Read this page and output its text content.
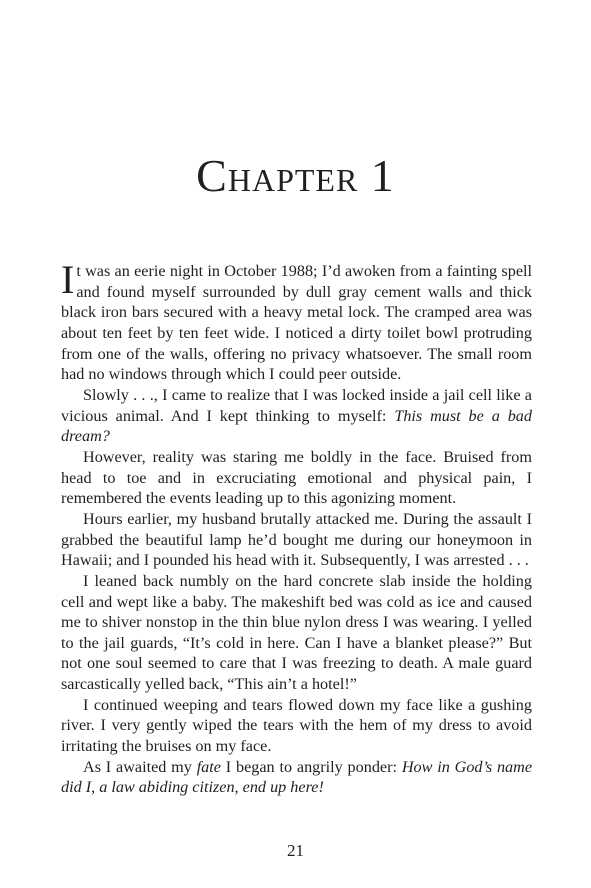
Chapter 1

It was an eerie night in October 1988; I’d awoken from a fainting spell and found myself surrounded by dull gray cement walls and thick black iron bars secured with a heavy metal lock. The cramped area was about ten feet by ten feet wide. I noticed a dirty toilet bowl protruding from one of the walls, offering no privacy whatsoever. The small room had no windows through which I could peer outside.

Slowly . . ., I came to realize that I was locked inside a jail cell like a vicious animal. And I kept thinking to myself: This must be a bad dream?

However, reality was staring me boldly in the face. Bruised from head to toe and in excruciating emotional and physical pain, I remembered the events leading up to this agonizing moment.

Hours earlier, my husband brutally attacked me. During the assault I grabbed the beautiful lamp he’d bought me during our honeymoon in Hawaii; and I pounded his head with it. Subsequently, I was arrested . . .

I leaned back numbly on the hard concrete slab inside the holding cell and wept like a baby. The makeshift bed was cold as ice and caused me to shiver nonstop in the thin blue nylon dress I was wearing. I yelled to the jail guards, “It’s cold in here. Can I have a blanket please?” But not one soul seemed to care that I was freezing to death. A male guard sarcastically yelled back, “This ain’t a hotel!”

I continued weeping and tears flowed down my face like a gushing river. I very gently wiped the tears with the hem of my dress to avoid irritating the bruises on my face.

As I awaited my fate I began to angrily ponder: How in God’s name did I, a law abiding citizen, end up here!

21
